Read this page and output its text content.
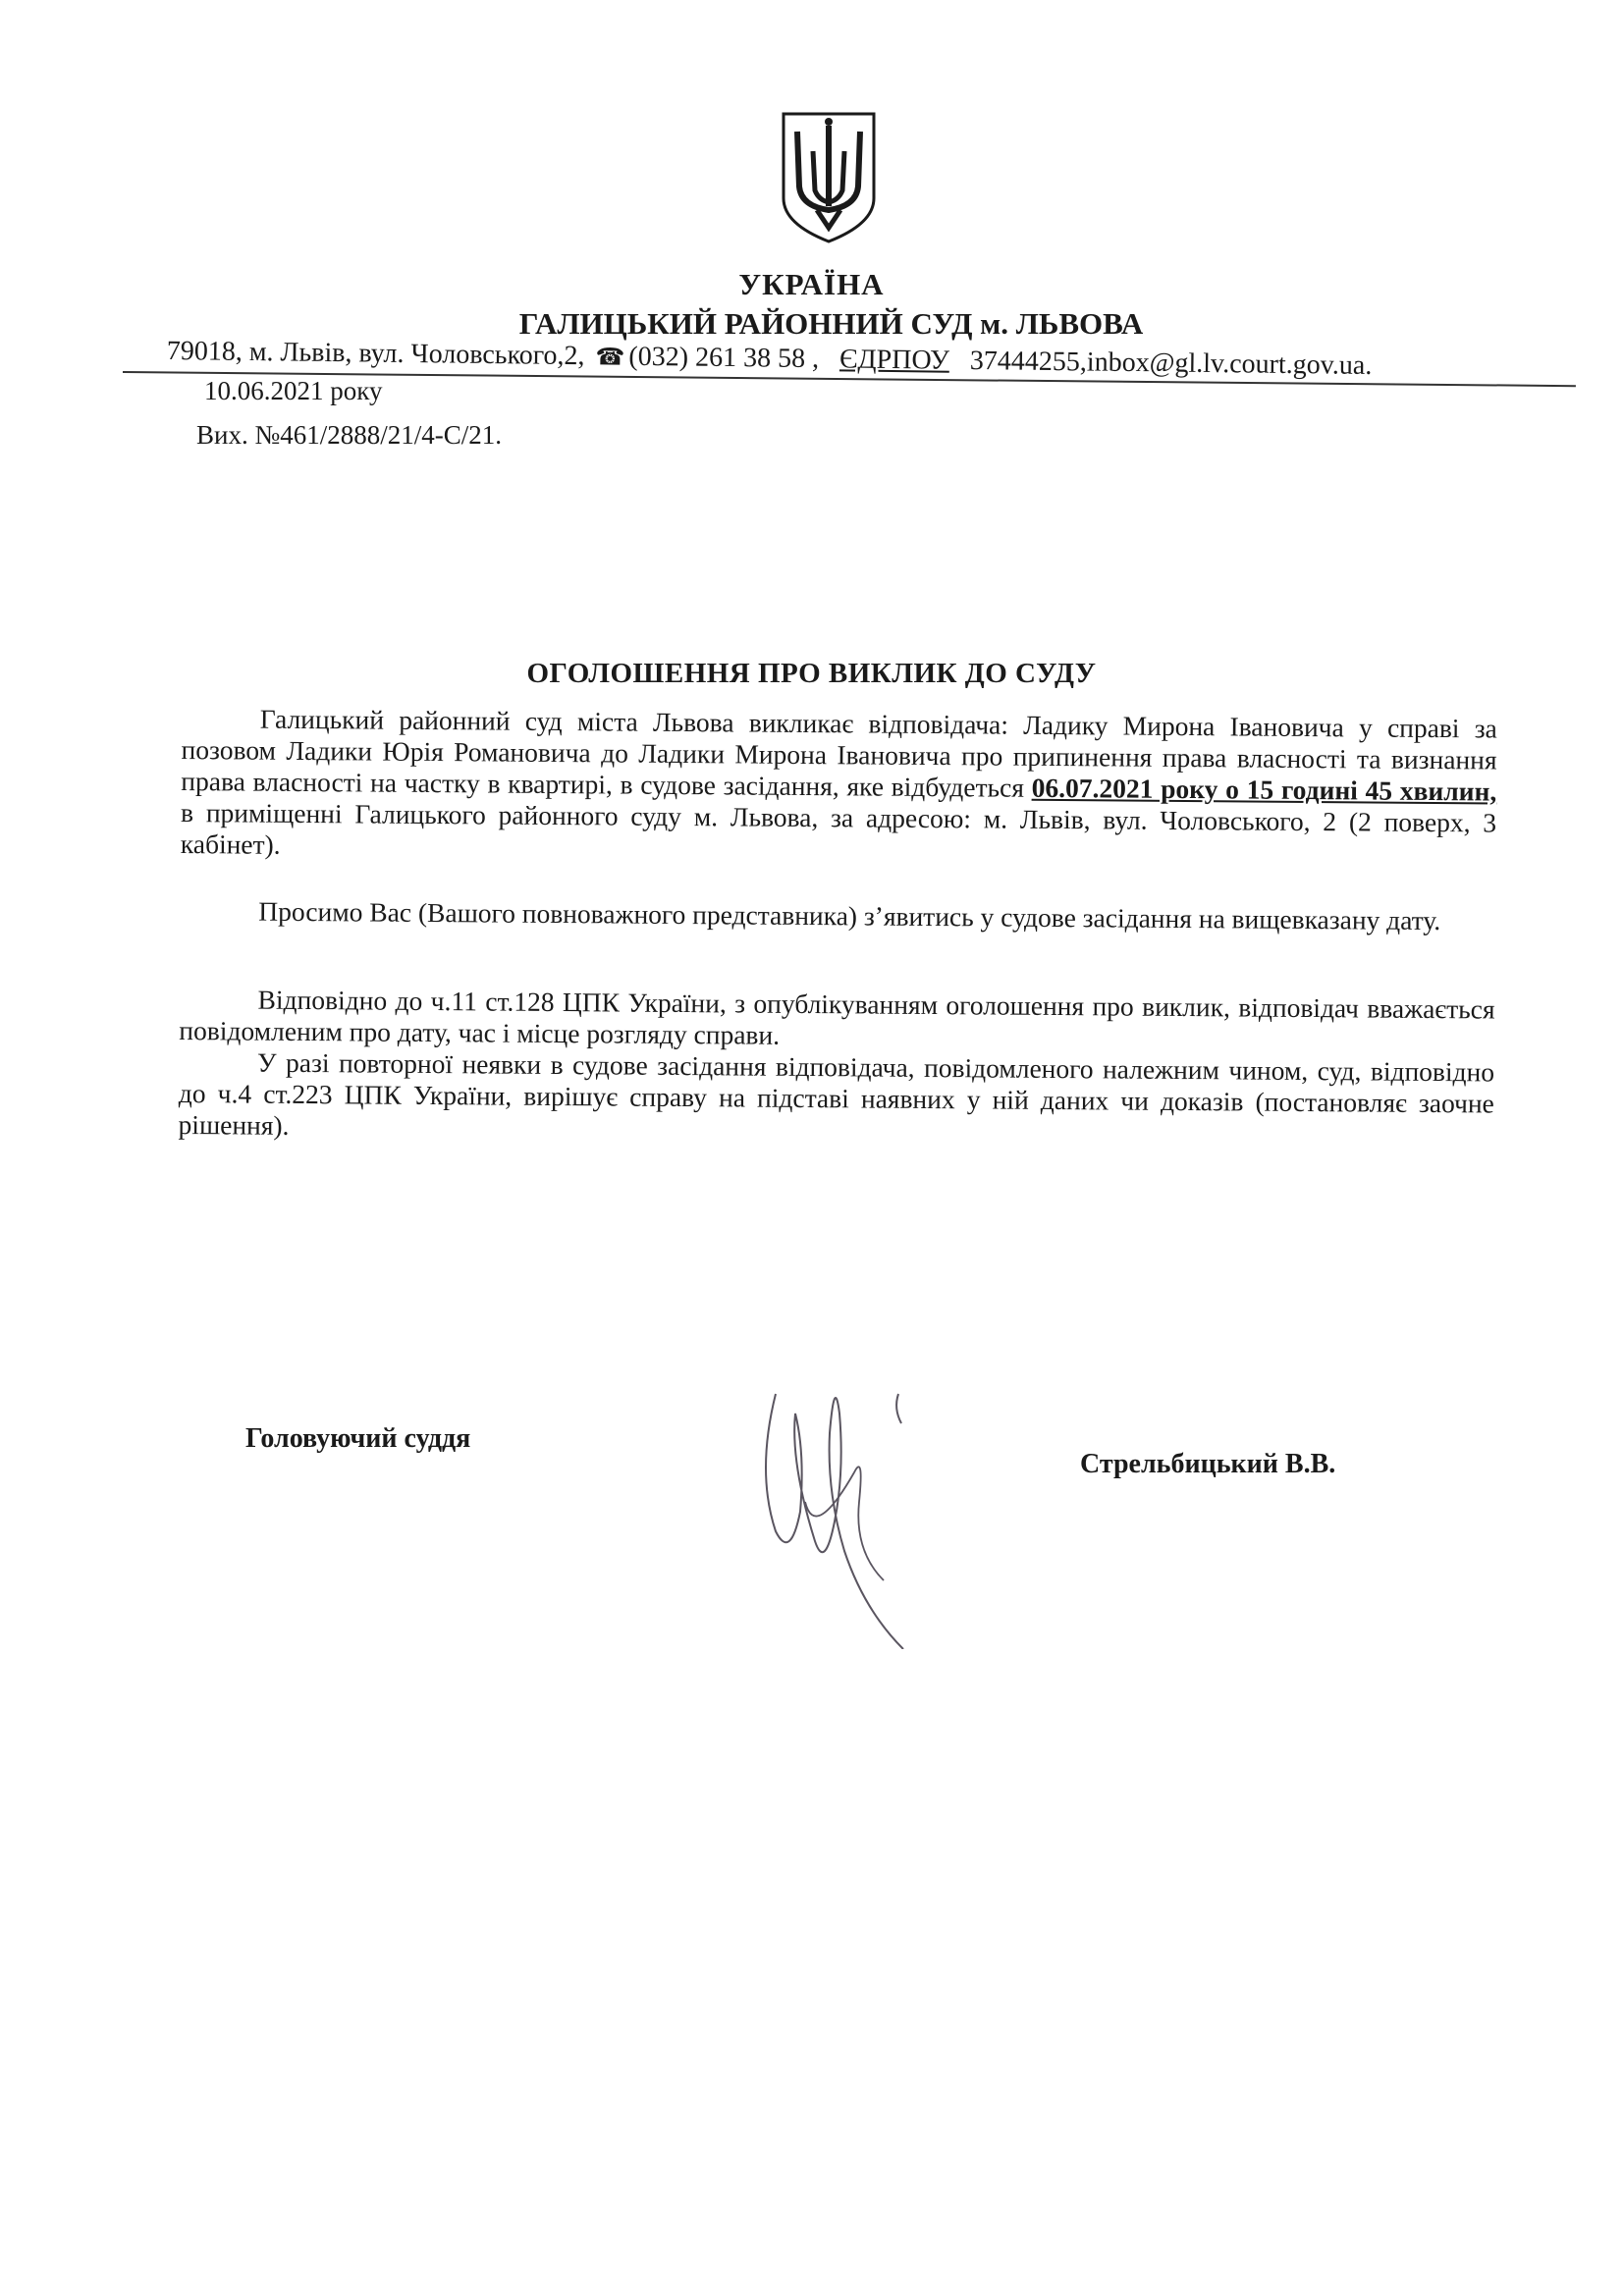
УКРАЇНА
ГАЛИЦЬКИЙ РАЙОННИЙ СУД м. ЛЬВОВА
79018, м. Львів, вул. Чоловського,2, ☎ (032) 261 38 58 , ЄДРПОУ 37444255,inbox@gl.lv.court.gov.ua.
10.06.2021 року
Вих. №461/2888/21/4-С/21.
ОГОЛОШЕННЯ ПРО ВИКЛИК ДО СУДУ

Галицький районний суд міста Львова викликає відповідача: Ладику Мирона Івановича у справі за позовом Ладики Юрія Романовича до Ладики Мирона Івановича про припинення права власності та визнання права власності на частку в квартирі, в судове засідання, яке відбудеться 06.07.2021 року о 15 годині 45 хвилин, в приміщенні Галицького районного суду м. Львова, за адресою: м. Львів, вул. Чоловського, 2 (2 поверх, 3 кабінет).

Просимо Вас (Вашого повноважного представника) з’явитись у судове засідання на вищевказану дату.

Відповідно до ч.11 ст.128 ЦПК України, з опублікуванням оголошення про виклик, відповідач вважається повідомленим про дату, час і місце розгляду справи.

У разі повторної неявки в судове засідання відповідача, повідомленого належним чином, суд, відповідно до ч.4 ст.223 ЦПК України, вирішує справу на підставі наявних у ній даних чи доказів (постановляє заочне рішення).

Головуючий суддя
Стрельбицький В.В.
